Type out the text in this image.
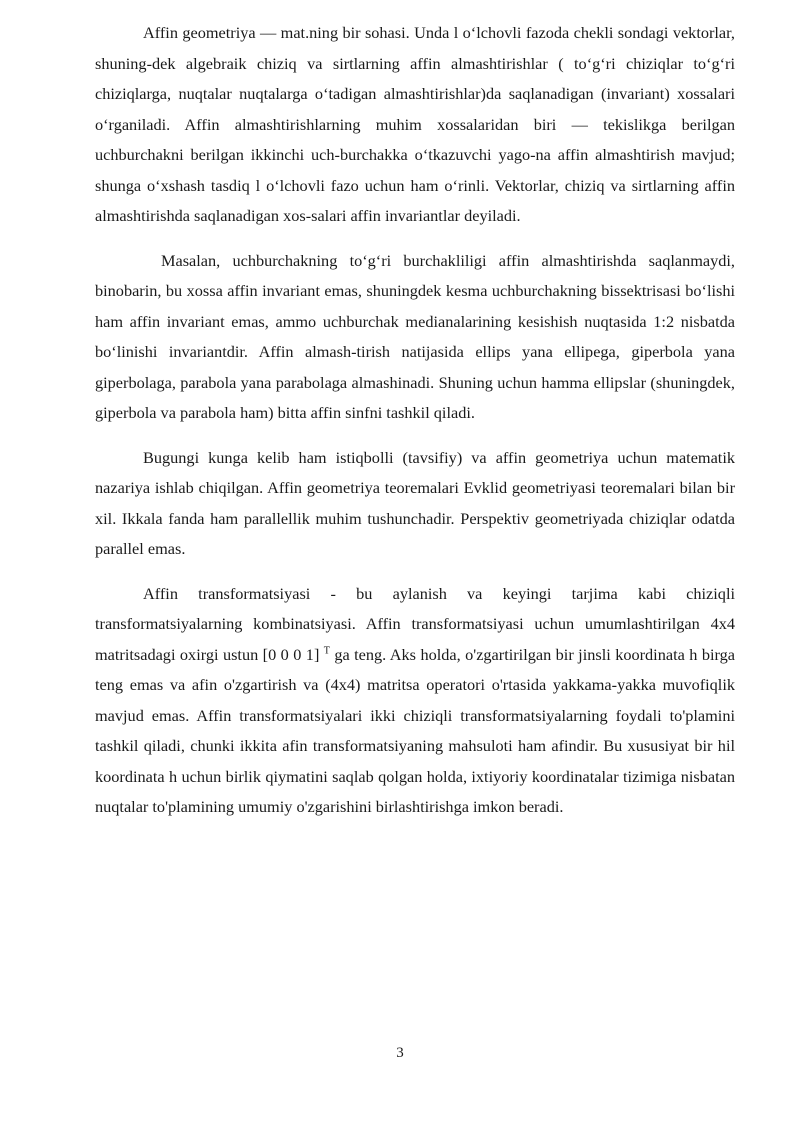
Affin geometriya — mat.ning bir sohasi. Unda l o‘lchovli fazoda chekli sondagi vektorlar, shuning-dek algebraik chiziq va sirtlarning affin almashtirishlar ( to‘g‘ri chiziqlar to‘g‘ri chiziqlarga, nuqtalar nuqtalarga o‘tadigan almashtirishlar)da saqlanadigan (invariant) xossalari o‘rganiladi. Affin almashtirishlarning muhim xossalaridan biri — tekislikga berilgan uchburchakni berilgan ikkinchi uch-burchakka o‘tkazuvchi yago-na affin almashtirish mavjud; shunga o‘xshash tasdiq l o‘lchovli fazo uchun ham o‘rinli. Vektorlar, chiziq va sirtlarning affin almashtirishda saqlanadigan xos-salari affin invariantlar deyiladi.

Masalan, uchburchakning to‘g‘ri burchakliligi affin almashtirishda saqlanmaydi, binobarin, bu xossa affin invariant emas, shuningdek kesma uchburchakning bissektrisasi bo‘lishi ham affin invariant emas, ammo uchburchak medianalarining kesishish nuqtasida 1:2 nisbatda bo‘linishi invariantdir. Affin almash-tirish natijasida ellips yana ellipega, giperbola yana giperbolaga, parabola yana parabolaga almashinadi. Shuning uchun hamma ellipslar (shuningdek, giperbola va parabola ham) bitta affin sinfni tashkil qiladi.

Bugungi kunga kelib ham istiqbolli (tavsifiy) va affin geometriya uchun matematik nazariya ishlab chiqilgan. Affin geometriya teoremalari Evklid geometriyasi teoremalari bilan bir xil. Ikkala fanda ham parallellik muhim tushunchadir. Perspektiv geometriyada chiziqlar odatda parallel emas.

Affin transformatsiyasi - bu aylanish va keyingi tarjima kabi chiziqli transformatsiyalarning kombinatsiyasi. Affin transformatsiyasi uchun umumlashtirilgan 4x4 matritsadagi oxirgi ustun [0 0 0 1] $^T$ ga teng. Aks holda, o'zgartirilgan bir jinsli koordinata h birga teng emas va afin o'zgartirish va (4x4) matritsa operatori o'rtasida yakkama-yakka muvofiqlik mavjud emas. Affin transformatsiyalari ikki chiziqli transformatsiyalarning foydali to'plamini tashkil qiladi, chunki ikkita afin transformatsiyaning mahsuloti ham afindir. Bu xususiyat bir hil koordinata h uchun birlik qiymatini saqlab qolgan holda, ixtiyoriy koordinatalar tizimiga nisbatan nuqtalar to'plamining umumiy o'zgarishini birlashtirishga imkon beradi.

3
